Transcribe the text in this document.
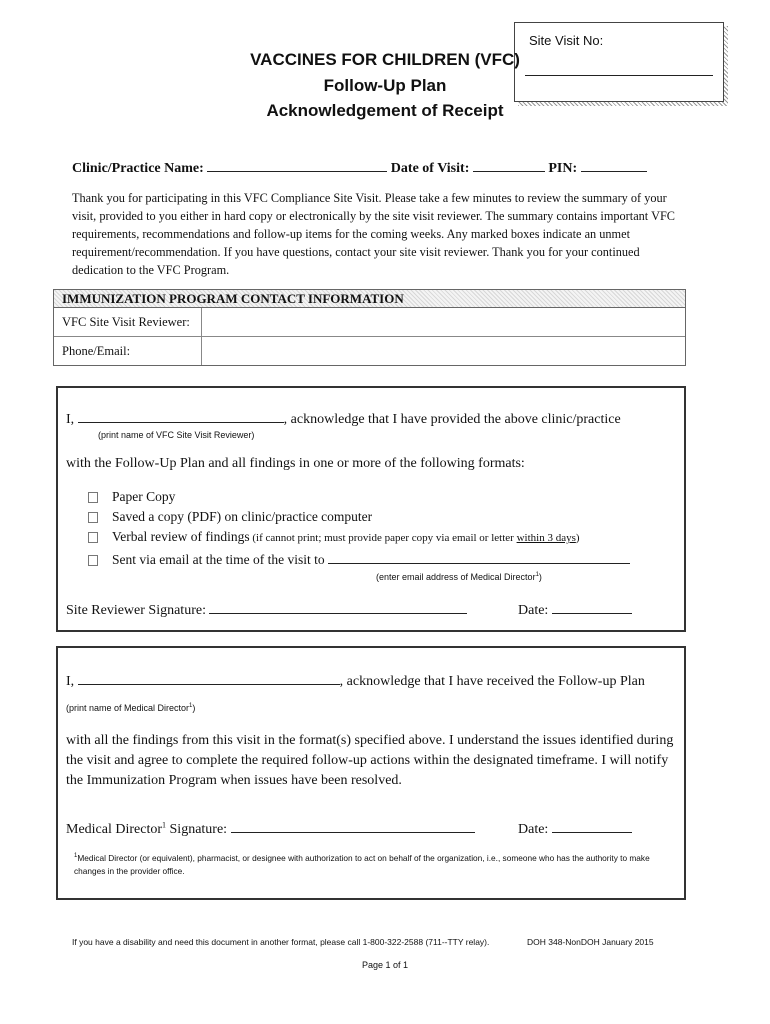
Site Visit No:
VACCINES FOR CHILDREN (VFC)
Follow-Up Plan
Acknowledgement of Receipt
Clinic/Practice Name:	Date of Visit:	PIN:
Thank you for participating in this VFC Compliance Site Visit. Please take a few minutes to review the summary of your visit, provided to you either in hard copy or electronically by the site visit reviewer. The summary contains important VFC requirements, recommendations and follow-up items for the coming weeks. Any marked boxes indicate an unmet requirement/recommendation. If you have questions, contact your site visit reviewer. Thank you for your continued dedication to the VFC Program.
IMMUNIZATION PROGRAM CONTACT INFORMATION
VFC Site Visit Reviewer:
Phone/Email:
I,	, acknowledge that I have provided the above clinic/practice
(print name of VFC Site Visit Reviewer)
with the Follow-Up Plan and all findings in one or more of the following formats:
Paper Copy
Saved a copy (PDF) on clinic/practice computer
Verbal review of findings (if cannot print; must provide paper copy via email or letter within 3 days)
Sent via email at the time of the visit to
(enter email address of Medical Director$^1$)
Site Reviewer Signature:	Date:
I,	, acknowledge that I have received the Follow-up Plan
(print name of Medical Director$^1$)
with all the findings from this visit in the format(s) specified above. I understand the issues identified during the visit and agree to complete the required follow-up actions within the designated timeframe. I will notify the Immunization Program when issues have been resolved.
Medical Director$^1$ Signature:	Date:
$^1$Medical Director (or equivalent), pharmacist, or designee with authorization to act on behalf of the organization, i.e., someone who has the authority to make changes in the provider office.
If you have a disability and need this document in another format, please call 1-800-322-2588 (711--TTY relay).	DOH 348-NonDOH January 2015
Page 1 of 1
